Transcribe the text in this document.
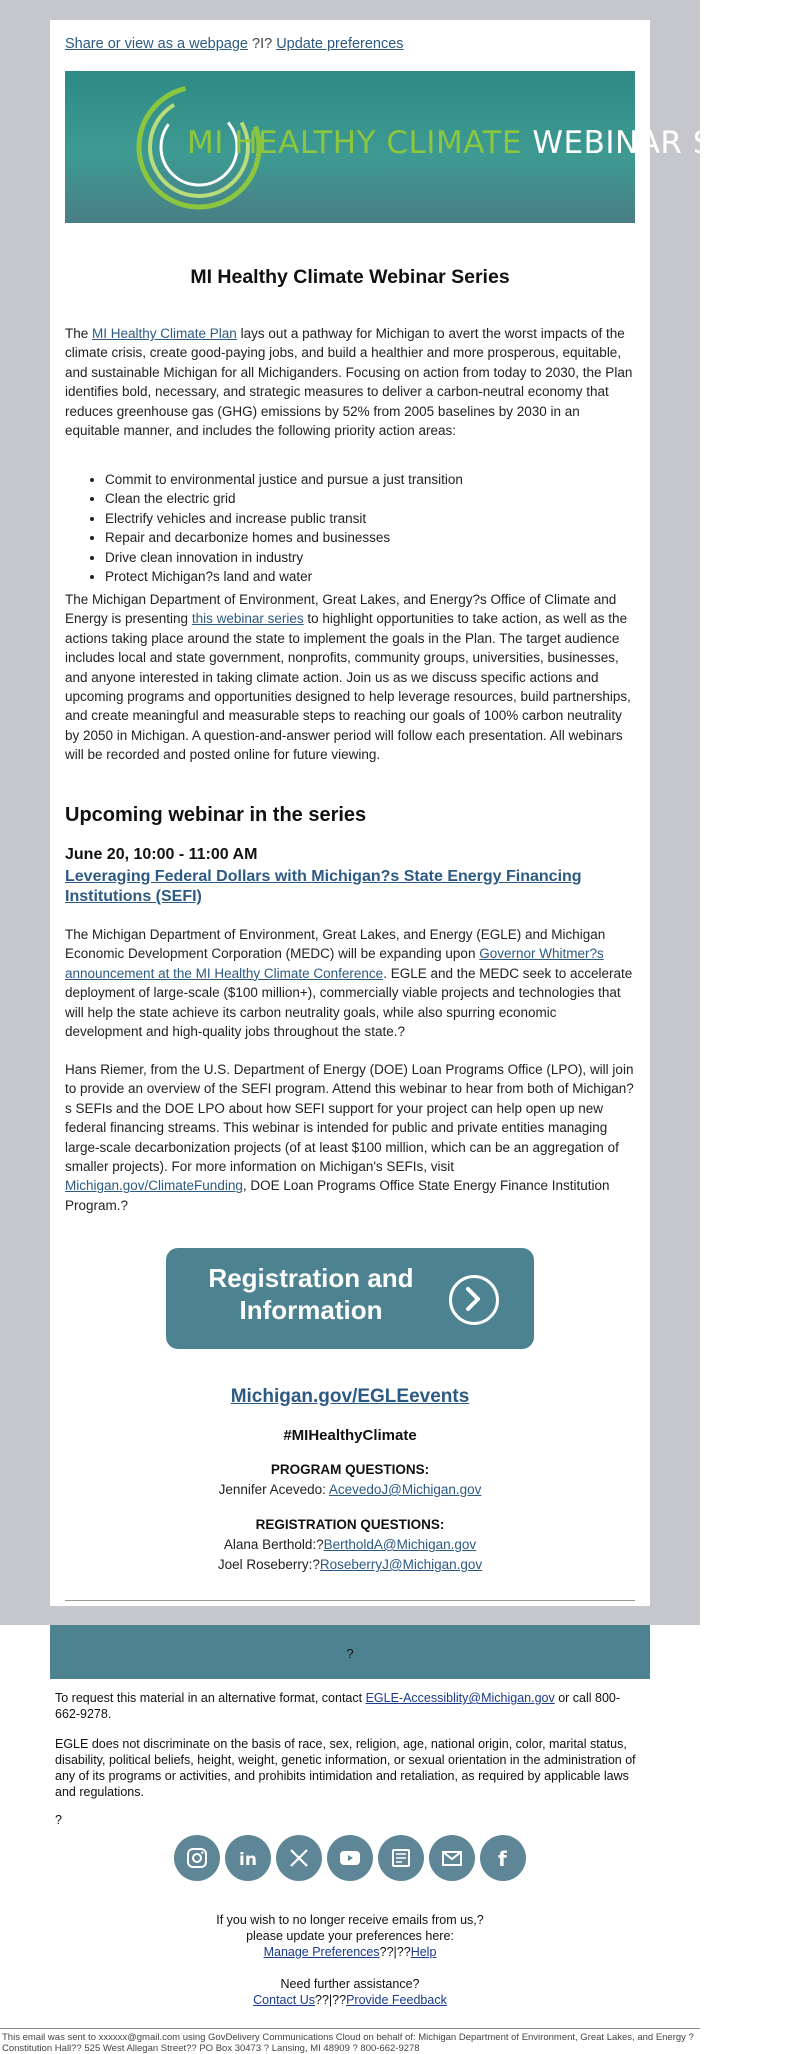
Share or view as a webpage ?I? Update preferences
MI HEALTHY CLIMATE WEBINAR SERIES
MI Healthy Climate Webinar Series
The MI Healthy Climate Plan lays out a pathway for Michigan to avert the worst impacts of the climate crisis, create good-paying jobs, and build a healthier and more prosperous, equitable, and sustainable Michigan for all Michiganders. Focusing on action from today to 2030, the Plan identifies bold, necessary, and strategic measures to deliver a carbon-neutral economy that reduces greenhouse gas (GHG) emissions by 52% from 2005 baselines by 2030 in an equitable manner, and includes the following priority action areas:
• Commit to environmental justice and pursue a just transition
• Clean the electric grid
• Electrify vehicles and increase public transit
• Repair and decarbonize homes and businesses
• Drive clean innovation in industry
• Protect Michigan?s land and water
The Michigan Department of Environment, Great Lakes, and Energy?s Office of Climate and Energy is presenting this webinar series to highlight opportunities to take action, as well as the actions taking place around the state to implement the goals in the Plan. The target audience includes local and state government, nonprofits, community groups, universities, businesses, and anyone interested in taking climate action. Join us as we discuss specific actions and upcoming programs and opportunities designed to help leverage resources, build partnerships, and create meaningful and measurable steps to reaching our goals of 100% carbon neutrality by 2050 in Michigan. A question-and-answer period will follow each presentation. All webinars will be recorded and posted online for future viewing.
Upcoming webinar in the series
June 20, 10:00 - 11:00 AM
Leveraging Federal Dollars with Michigan?s State Energy Financing Institutions (SEFI)
The Michigan Department of Environment, Great Lakes, and Energy (EGLE) and Michigan Economic Development Corporation (MEDC) will be expanding upon Governor Whitmer?s announcement at the MI Healthy Climate Conference. EGLE and the MEDC seek to accelerate deployment of large-scale ($100 million+), commercially viable projects and technologies that will help the state achieve its carbon neutrality goals, while also spurring economic development and high-quality jobs throughout the state.?
Hans Riemer, from the U.S. Department of Energy (DOE) Loan Programs Office (LPO), will join to provide an overview of the SEFI program. Attend this webinar to hear from both of Michigan?s SEFIs and the DOE LPO about how SEFI support for your project can help open up new federal financing streams. This webinar is intended for public and private entities managing large-scale decarbonization projects (of at least $100 million, which can be an aggregation of smaller projects). For more information on Michigan's SEFIs, visit Michigan.gov/ClimateFunding, DOE Loan Programs Office State Energy Finance Institution Program.?
Registration and
Information
Michigan.gov/EGLEevents
#MIHealthyClimate
PROGRAM QUESTIONS:
Jennifer Acevedo: AcevedoJ@Michigan.gov
REGISTRATION QUESTIONS:
Alana Berthold:?BertholdA@Michigan.gov
Joel Roseberry:?RoseberryJ@Michigan.gov
$_?$
To request this material in an alternative format, contact EGLE-Accessiblity@Michigan.gov or call 800-662-9278.
EGLE does not discriminate on the basis of race, sex, religion, age, national origin, color, marital status, disability, political beliefs, height, weight, genetic information, or sexual orientation in the administration of any of its programs or activities, and prohibits intimidation and retaliation, as required by applicable laws and regulations.
?
in	f
If you wish to no longer receive emails from us,?
please update your preferences here:
Manage Preferences??|??Help
Need further assistance?
Contact Us??|??Provide Feedback
This email was sent to xxxxxx@gmail.com using GovDelivery Communications Cloud on behalf of: Michigan Department of Environment, Great Lakes, and Energy ? Constitution Hall?? 525 West Allegan Street?? PO Box 30473 ? Lansing, MI 48909 ? 800-662-9278
